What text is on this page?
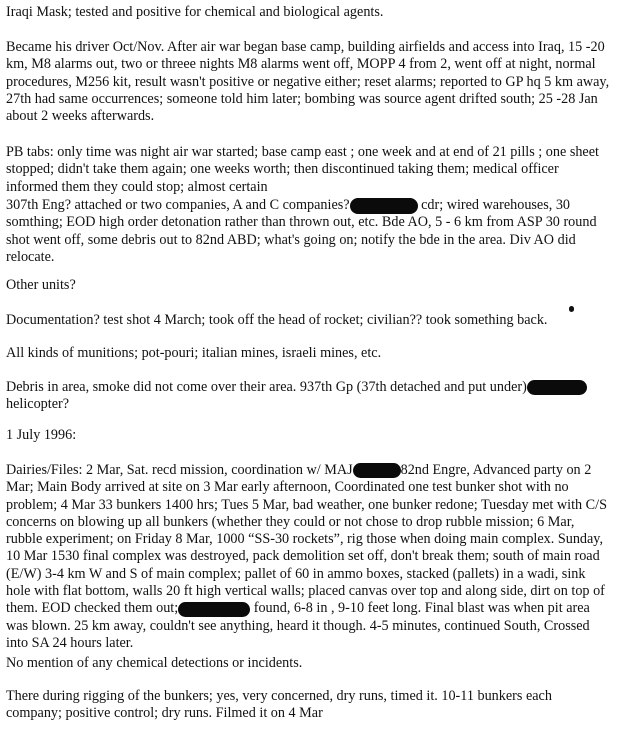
Iraqi Mask; tested and positive for chemical and biological agents.

Became his driver Oct/Nov. After air war began base camp, building airfields and access into Iraq, 15 -20 km, M8 alarms out, two or threeе nights M8 alarms went off, MOPP 4 from 2, went off at night, normal procedures, M256 kit, result wasn't positive or negative either; reset alarms; reported to GP hq 5 km away, 27th had same occurrences; someone told him later; bombing was source agent drifted south; 25 -28 Jan about 2 weeks afterwards.

PB tabs: only time was night air war started; base camp east ; one week and at end of 21 pills ; one sheet stopped; didn't take them again; one weeks worth; then discontinued taking them; medical officer informed them they could stop; almost certain

307th Eng? attached or two companies, A and C companies?	cdr; wired warehouses, 30 somthing; EOD high order detonation rather than thrown out, etc. Bde AO, 5 - 6 km from ASP 30 round shot went off, some debris out to 82nd ABD; what's going on; notify the bde in the area. Div AO did relocate.

Other units?

Documentation? test shot 4 March; took off the head of rocket; civilian?? took something back.

All kinds of munitions; pot-pouri; italian mines, israeli mines, etc.

Debris in area, smoke did not come over their area. 937th Gp (37th detached and put under) helicopter?

1 July 1996:

Dairies/Files: 2 Mar, Sat. recd mission, coordination w/ MAJ	82nd Engre, Advanced party on 2 Mar; Main Body arrived at site on 3 Mar early afternoon, Coordinated one test bunker shot with no problem; 4 Mar 33 bunkers 1400 hrs; Tues 5 Mar, bad weather, one bunker redone; Tuesday met with C/S concerns on blowing up all bunkers (whether they could or not chose to drop rubble mission; 6 Mar, rubble experiment; on Friday 8 Mar, 1000 “SS-30 rockets”, rig those when doing main complex. Sunday, 10 Mar 1530 final complex was destroyed, pack demolition set off, don't break them; south of main road (E/W) 3-4 km W and S of main complex; pallet of 60 in ammo boxes, stacked (pallets) in a wadi, sink hole with flat bottom, walls 20 ft high vertical walls; placed canvas over top and along side, dirt on top of them. EOD checked them out;	found, 6-8 in , 9-10 feet long. Final blast was when pit area was blown. 25 km away, couldn't see anything, heard it though. 4-5 minutes, continued South, Crossed into SA 24 hours later.

No mention of any chemical detections or incidents.

There during rigging of the bunkers; yes, very concerned, dry runs, timed it. 10-11 bunkers each company; positive control; dry runs. Filmed it on 4 Mar
